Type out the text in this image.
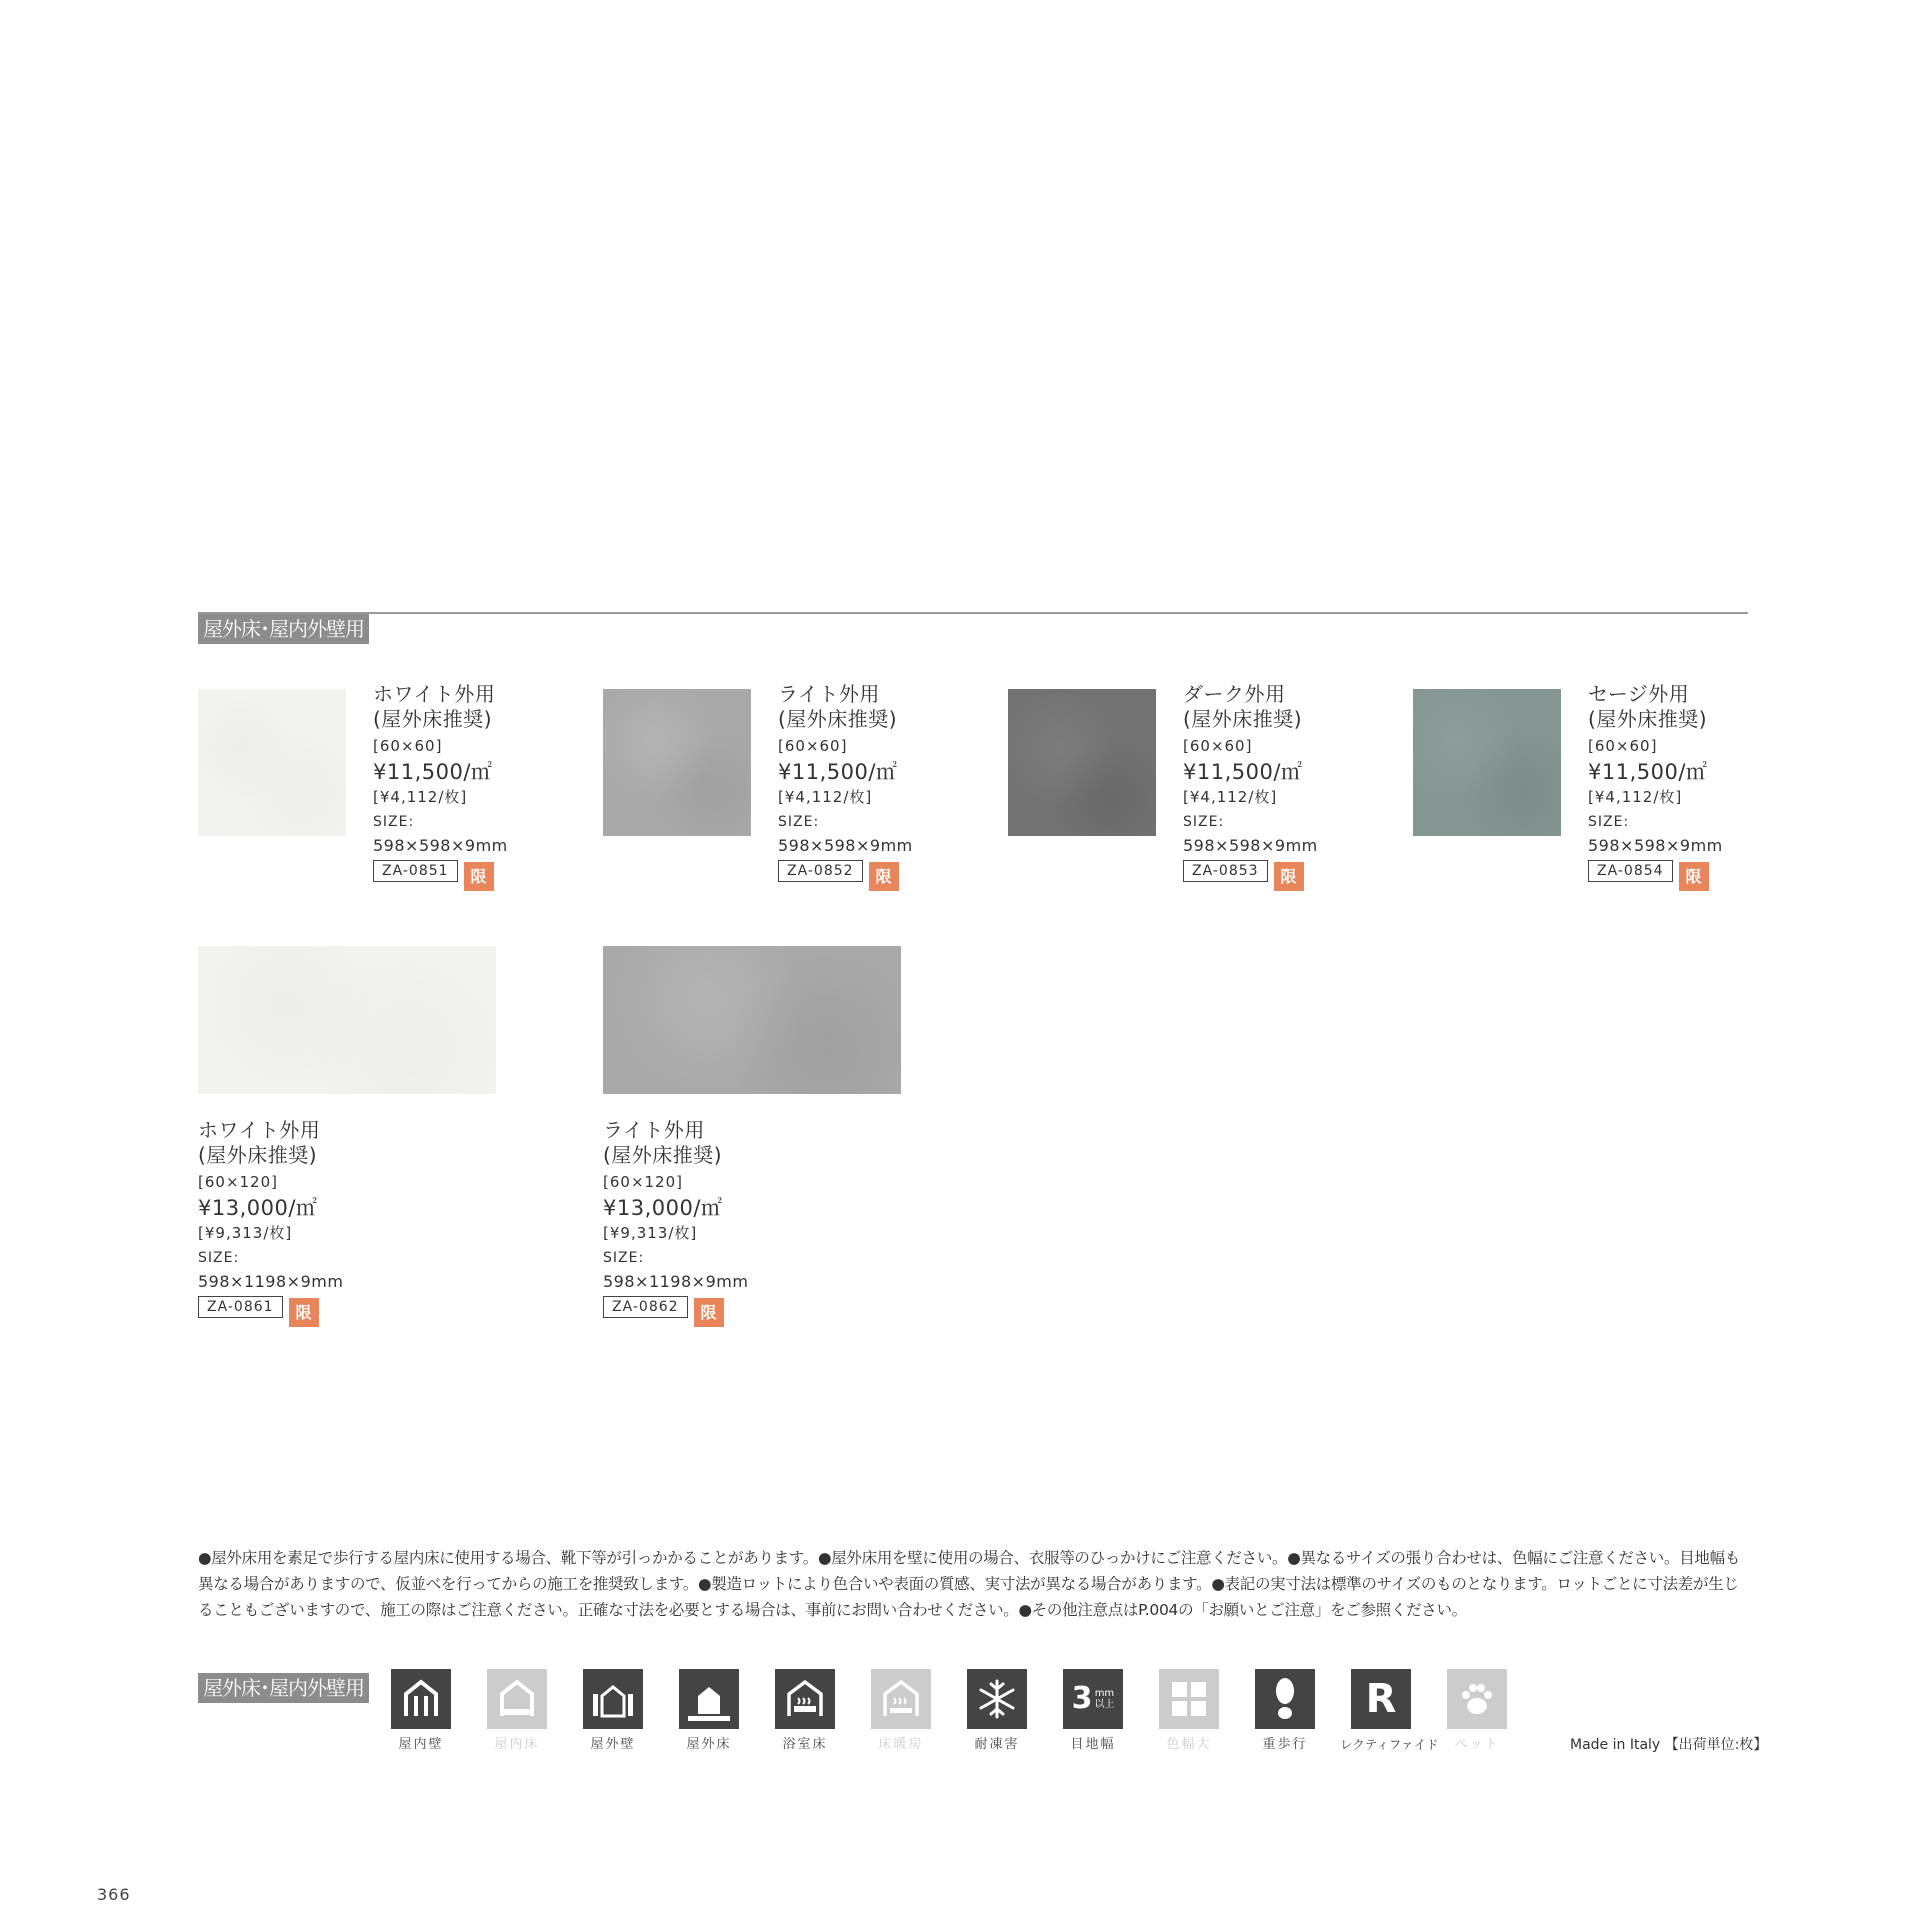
屋外床･屋内外壁用
ホワイト外用
(屋外床推奨)
[60×60]
¥11,500/㎡
[¥4,112/枚]
SIZE:
598×598×9mm
ZA-0851	限
ライト外用
(屋外床推奨)
[60×60]
¥11,500/㎡
[¥4,112/枚]
SIZE:
598×598×9mm
ZA-0852	限
ダーク外用
(屋外床推奨)
[60×60]
¥11,500/㎡
[¥4,112/枚]
SIZE:
598×598×9mm
ZA-0853	限
セージ外用
(屋外床推奨)
[60×60]
¥11,500/㎡
[¥4,112/枚]
SIZE:
598×598×9mm
ZA-0854	限
ホワイト外用
(屋外床推奨)
[60×120]
¥13,000/㎡
[¥9,313/枚]
SIZE:
598×1198×9mm
ZA-0861	限
ライト外用
(屋外床推奨)
[60×120]
¥13,000/㎡
[¥9,313/枚]
SIZE:
598×1198×9mm
ZA-0862	限
●屋外床用を素足で歩行する屋内床に使用する場合、靴下等が引っかかることがあります。●屋外床用を壁に使用の場合、衣服等のひっかけにご注意ください。●異なるサイズの張り合わせは、色幅にご注意ください。目地幅も異なる場合がありますので、仮並べを行ってからの施工を推奨致します。●製造ロットにより色合いや表面の質感、実寸法が異なる場合があります。●表記の実寸法は標準のサイズのものとなります。ロットごとに寸法差が生じることもございますので、施工の際はご注意ください。正確な寸法を必要とする場合は、事前にお問い合わせください。●その他注意点はP.004の「お願いとご注意」をご参照ください。
屋外床･屋内外壁用
屋内壁	屋内床	屋外壁	屋外床	浴室床	床暖房	耐凍害
3 mm
以上
目地幅	色幅大	重歩行
R
レクティファイド	ペット	Made in Italy 【出荷単位:枚】
366
